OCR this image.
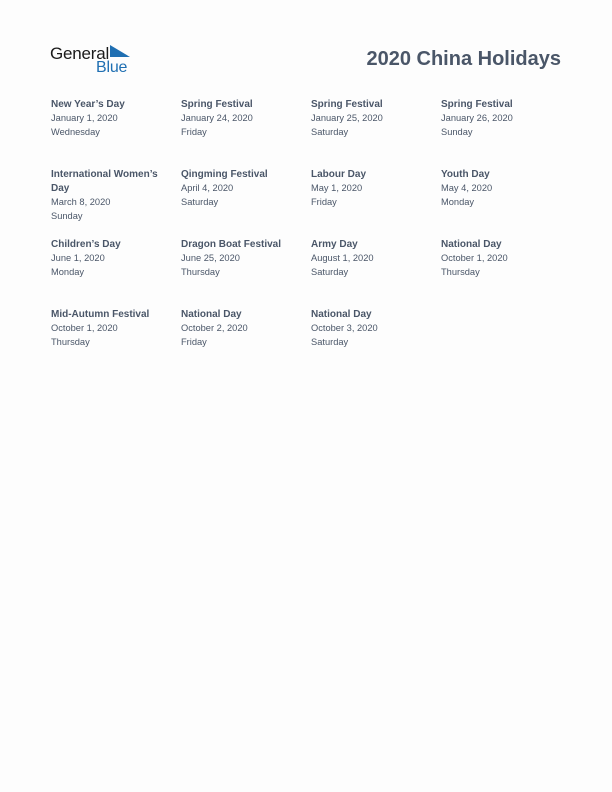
General
Blue	2020 China Holidays
New Year’s Day
January 1, 2020
Wednesday
Spring Festival
January 24, 2020
Friday
Spring Festival
January 25, 2020
Saturday
Spring Festival
January 26, 2020
Sunday
International Women’s Day
March 8, 2020
Sunday
Qingming Festival
April 4, 2020
Saturday
Labour Day
May 1, 2020
Friday
Youth Day
May 4, 2020
Monday
Children’s Day
June 1, 2020
Monday
Dragon Boat Festival
June 25, 2020
Thursday
Army Day
August 1, 2020
Saturday
National Day
October 1, 2020
Thursday
Mid-Autumn Festival
October 1, 2020
Thursday
National Day
October 2, 2020
Friday
National Day
October 3, 2020
Saturday
